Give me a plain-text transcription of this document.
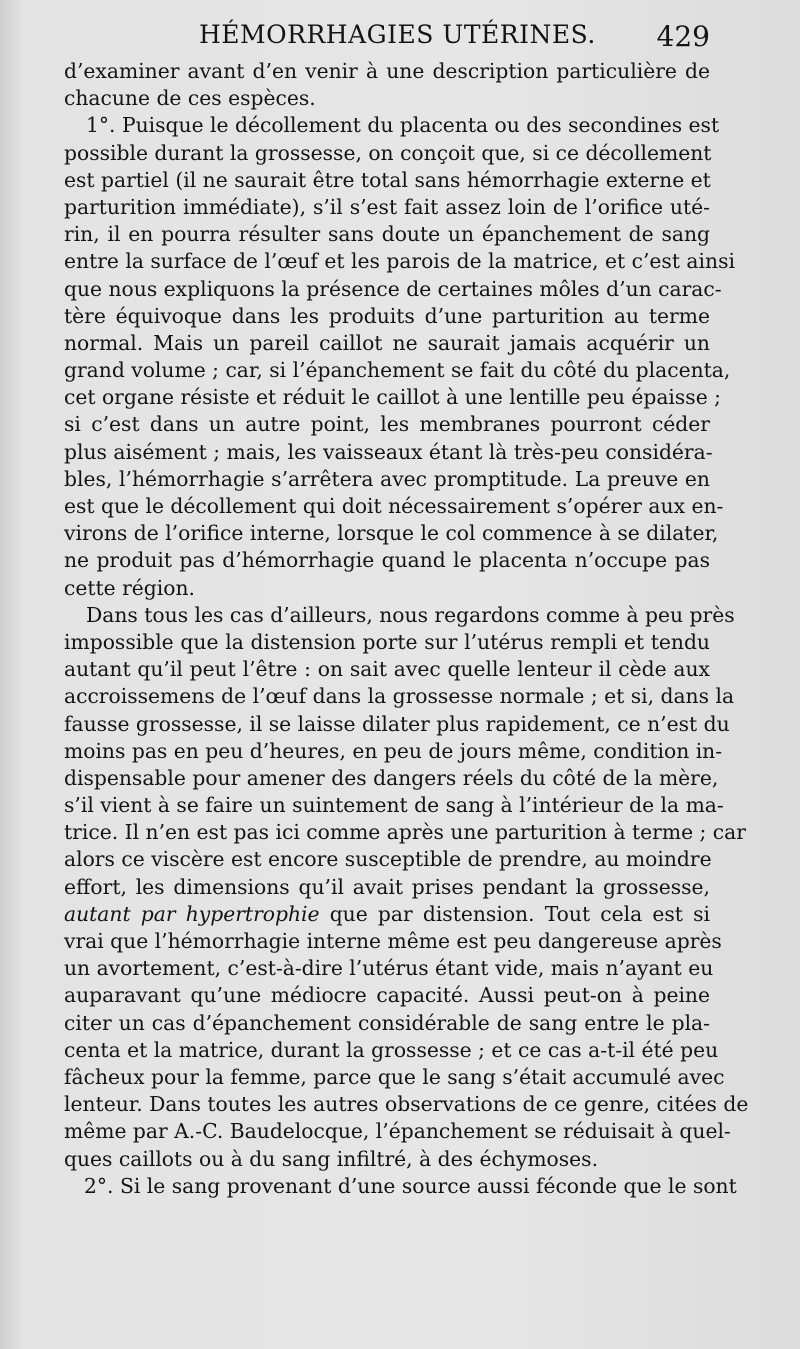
HÉMORRHAGIES UTÉRINES. 429
d’examiner avant d’en venir à une description particulière de
chacune de ces espèces.
1°. Puisque le décollement du placenta ou des secondines est
possible durant la grossesse, on conçoit que, si ce décollement
est partiel (il ne saurait être total sans hémorrhagie externe et
parturition immédiate), s’il s’est fait assez loin de l’orifice uté-
rin, il en pourra résulter sans doute un épanchement de sang
entre la surface de l’œuf et les parois de la matrice, et c’est ainsi
que nous expliquons la présence de certaines môles d’un carac-
tère équivoque dans les produits d’une parturition au terme
normal. Mais un pareil caillot ne saurait jamais acquérir un
grand volume ; car, si l’épanchement se fait du côté du placenta,
cet organe résiste et réduit le caillot à une lentille peu épaisse ;
si c’est dans un autre point, les membranes pourront céder
plus aisément ; mais, les vaisseaux étant là très-peu considéra-
bles, l’hémorrhagie s’arrêtera avec promptitude. La preuve en
est que le décollement qui doit nécessairement s’opérer aux en-
virons de l’orifice interne, lorsque le col commence à se dilater,
ne produit pas d’hémorrhagie quand le placenta n’occupe pas
cette région.
Dans tous les cas d’ailleurs, nous regardons comme à peu près
impossible que la distension porte sur l’utérus rempli et tendu
autant qu’il peut l’être : on sait avec quelle lenteur il cède aux
accroissemens de l’œuf dans la grossesse normale ; et si, dans la
fausse grossesse, il se laisse dilater plus rapidement, ce n’est du
moins pas en peu d’heures, en peu de jours même, condition in-
dispensable pour amener des dangers réels du côté de la mère,
s’il vient à se faire un suintement de sang à l’intérieur de la ma-
trice. Il n’en est pas ici comme après une parturition à terme ; car
alors ce viscère est encore susceptible de prendre, au moindre
effort, les dimensions qu’il avait prises pendant la grossesse,
autant par hypertrophie que par distension. Tout cela est si
vrai que l’hémorrhagie interne même est peu dangereuse après
un avortement, c’est-à-dire l’utérus étant vide, mais n’ayant eu
auparavant qu’une médiocre capacité. Aussi peut-on à peine
citer un cas d’épanchement considérable de sang entre le pla-
centa et la matrice, durant la grossesse ; et ce cas a-t-il été peu
fâcheux pour la femme, parce que le sang s’était accumulé avec
lenteur. Dans toutes les autres observations de ce genre, citées de
même par A.-C. Baudelocque, l’épanchement se réduisait à quel-
ques caillots ou à du sang infiltré, à des échymoses.
2°. Si le sang provenant d’une source aussi féconde que le sont
